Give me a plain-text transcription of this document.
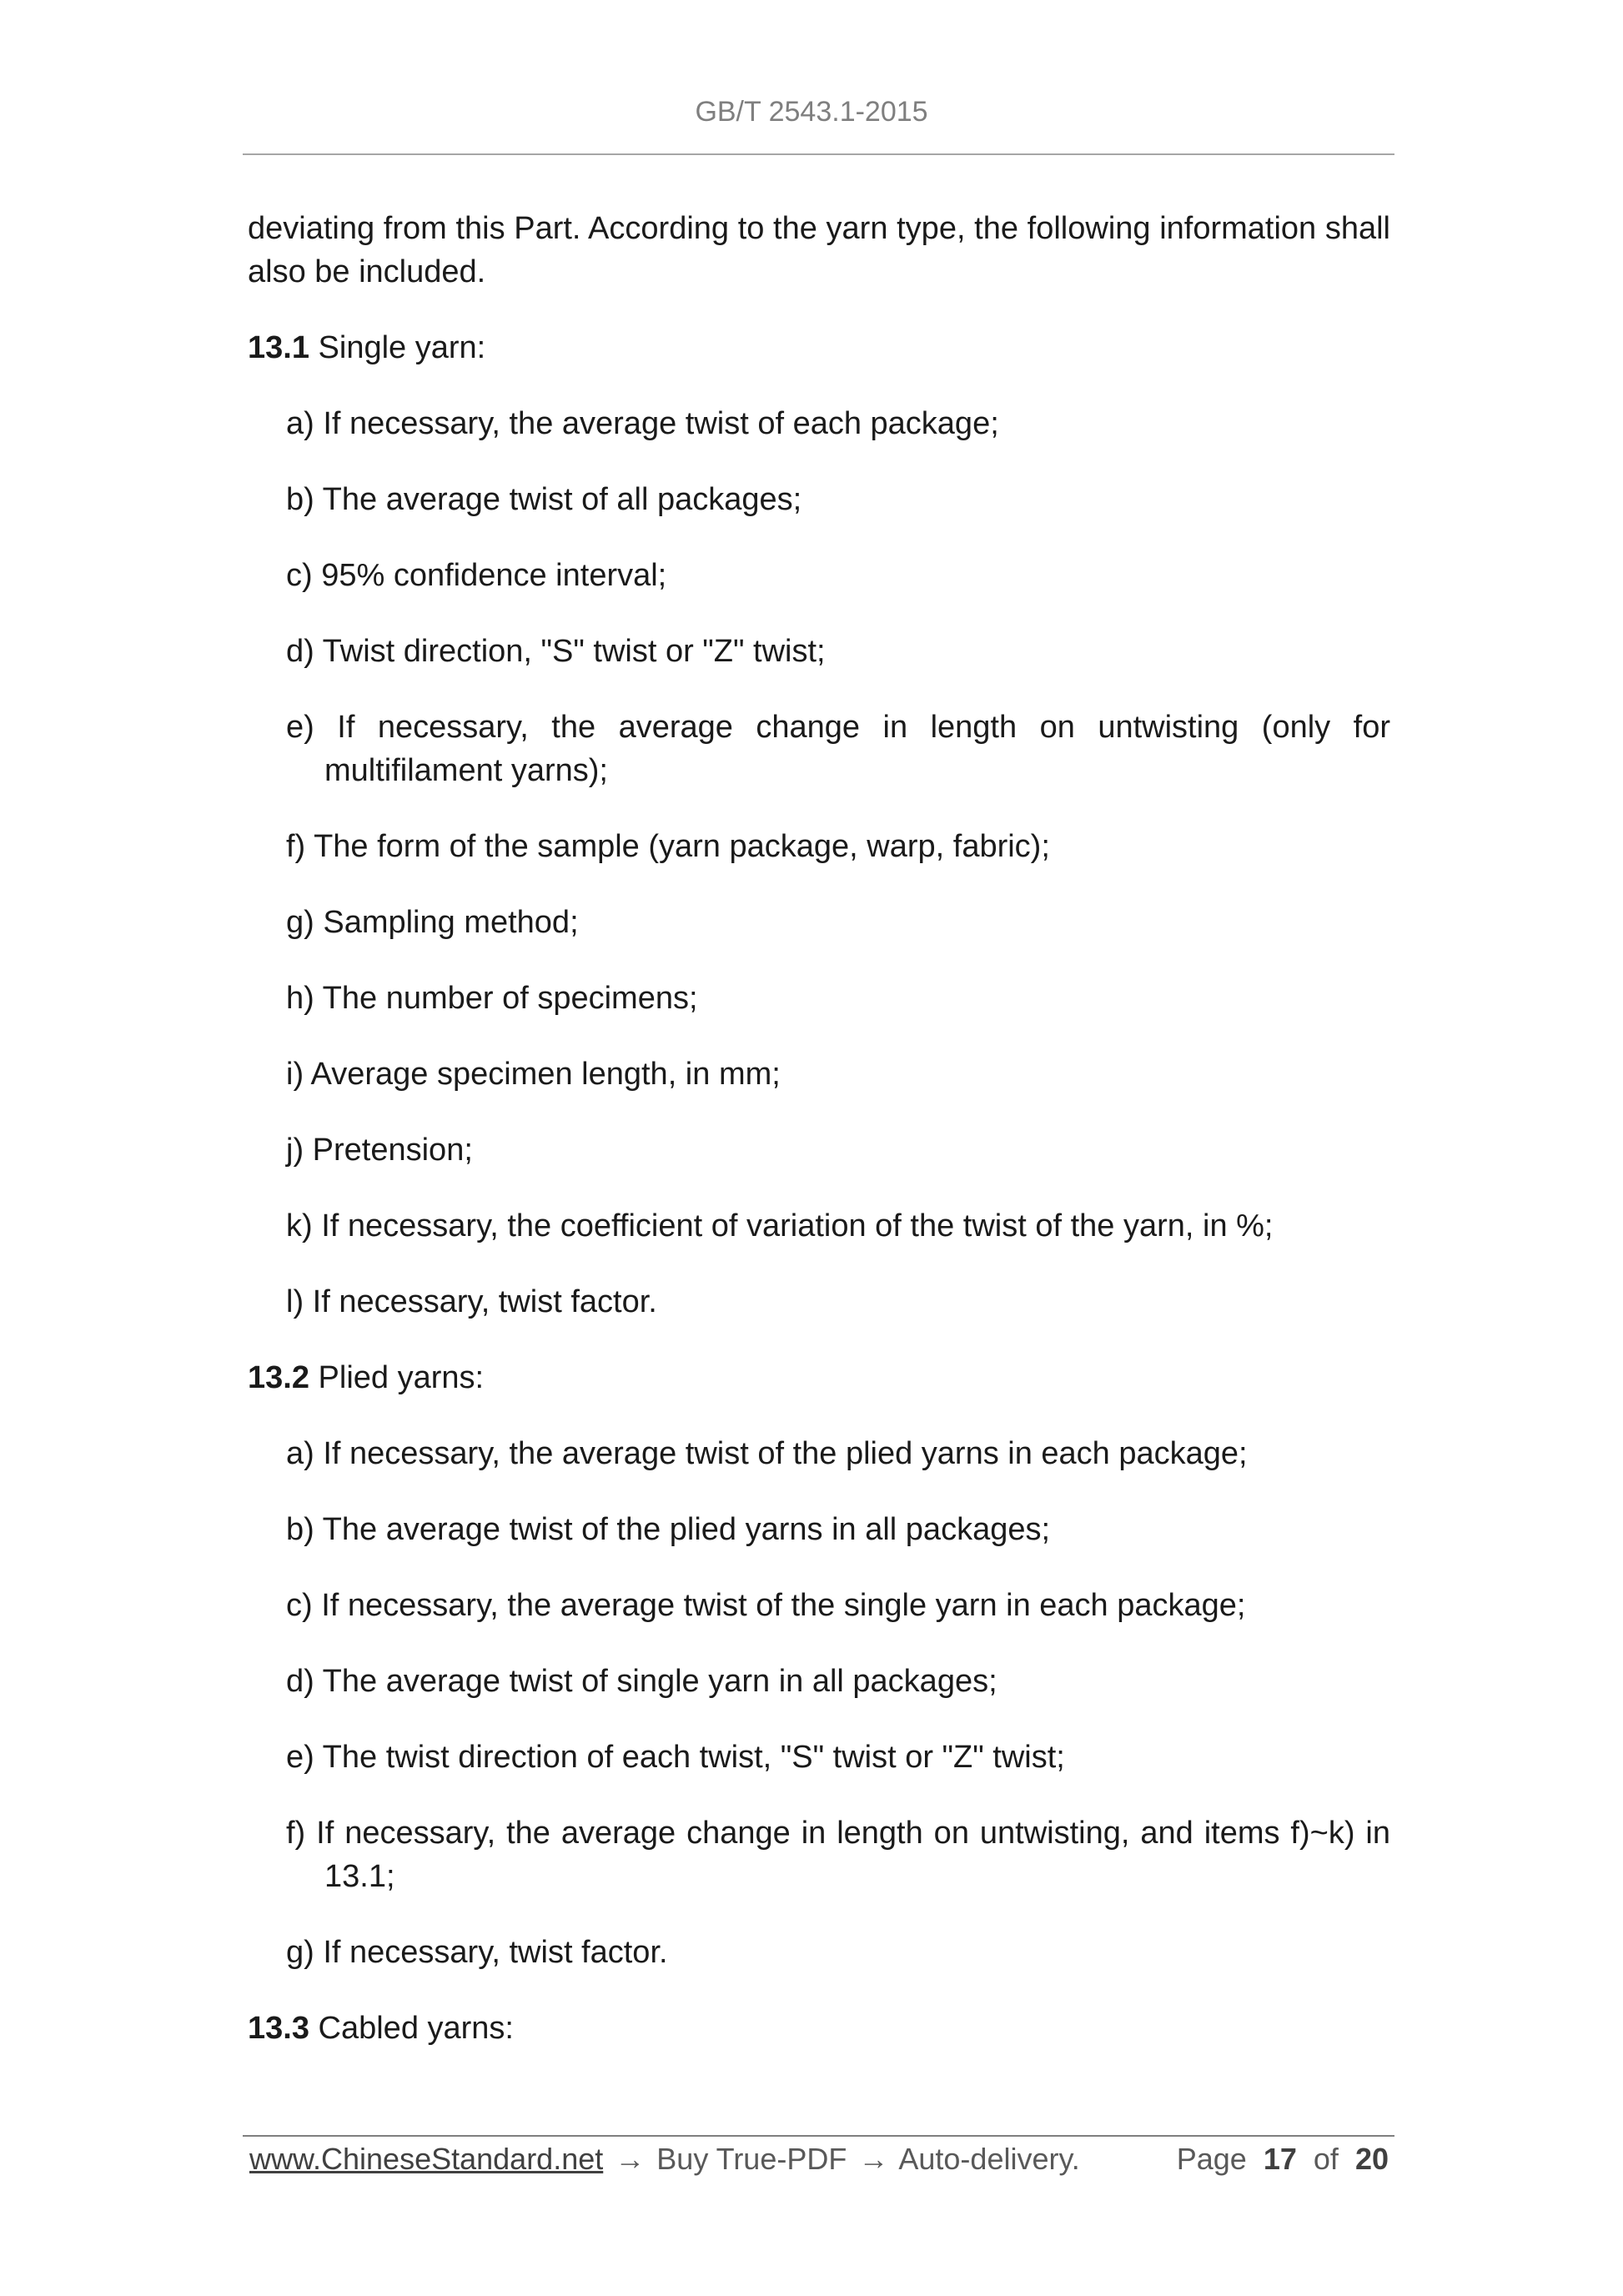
GB/T 2543.1-2015

deviating from this Part. According to the yarn type, the following information shall also be included.

13.1 Single yarn:

a) If necessary, the average twist of each package;

b) The average twist of all packages;

c) 95% confidence interval;

d) Twist direction, "S" twist or "Z" twist;

e) If necessary, the average change in length on untwisting (only for multifilament yarns);

f) The form of the sample (yarn package, warp, fabric);

g) Sampling method;

h) The number of specimens;

i) Average specimen length, in mm;

j) Pretension;

k) If necessary, the coefficient of variation of the twist of the yarn, in %;

l) If necessary, twist factor.

13.2 Plied yarns:

a) If necessary, the average twist of the plied yarns in each package;

b) The average twist of the plied yarns in all packages;

c) If necessary, the average twist of the single yarn in each package;

d) The average twist of single yarn in all packages;

e) The twist direction of each twist, "S" twist or "Z" twist;

f) If necessary, the average change in length on untwisting, and items f)~k) in 13.1;

g) If necessary, twist factor.

13.3 Cabled yarns:

www.ChineseStandard.net → Buy True-PDF → Auto-delivery.	Page 17 of 20
